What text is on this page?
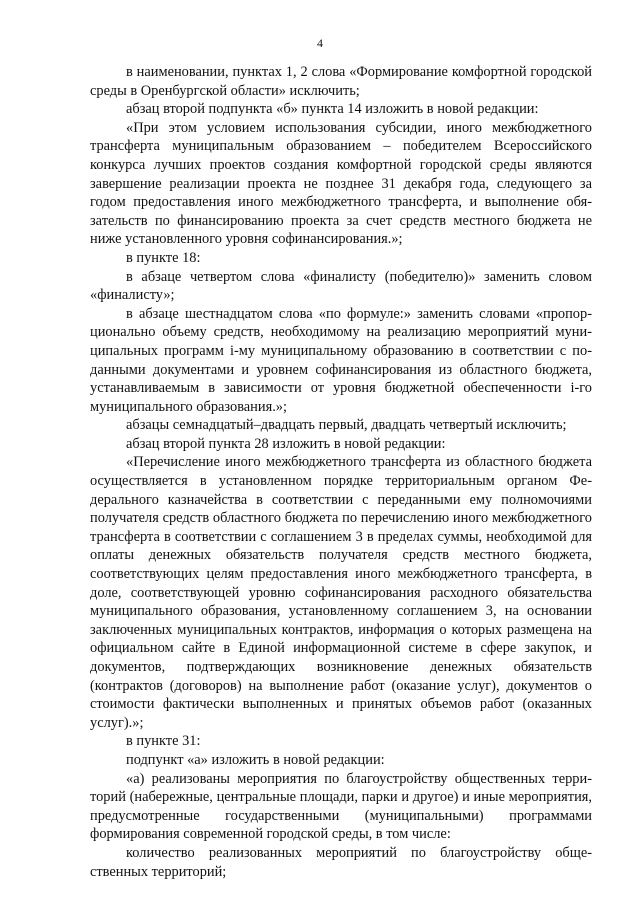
4

в наименовании, пунктах 1, 2 слова «Формирование комфортной городской среды в Оренбургской области» исключить;

абзац второй подпункта «б» пункта 14 изложить в новой редакции:

«При этом условием использования субсидии, иного межбюджетного трансферта муниципальным образованием – победителем Всероссийского конкурса лучших проектов создания комфортной городской среды являются завершение реализации проекта не позднее 31 декабря года, следующего за годом предоставления иного межбюджетного трансферта, и выполнение обязательств по финансированию проекта за счет средств местного бюджета не ниже установленного уровня софинансирования.»;

в пункте 18:

в абзаце четвертом слова «финалисту (победителю)» заменить словом «финалисту»;

в абзаце шестнадцатом слова «по формуле:» заменить словами «пропорционально объему средств, необходимому на реализацию мероприятий муниципальных программ i-му муниципальному образованию в соответствии с поданными документами и уровнем софинансирования из областного бюджета, устанавливаемым в зависимости от уровня бюджетной обеспеченности i-го муниципального образования.»;

абзацы семнадцатый–двадцать первый, двадцать четвертый исключить;

абзац второй пункта 28 изложить в новой редакции:

«Перечисление иного межбюджетного трансферта из областного бюджета осуществляется в установленном порядке территориальным органом Федерального казначейства в соответствии с переданными ему полномочиями получателя средств областного бюджета по перечислению иного межбюджетного трансферта в соответствии с соглашением 3 в пределах суммы, необходимой для оплаты денежных обязательств получателя средств местного бюджета, соответствующих целям предоставления иного межбюджетного трансферта, в доле, соответствующей уровню софинансирования расходного обязательства муниципального образования, установленному соглашением 3, на основании заключенных муниципальных контрактов, информация о которых размещена на официальном сайте в Единой информационной системе в сфере закупок, и документов, подтверждающих возникновение денежных обязательств (контрактов (договоров) на выполнение работ (оказание услуг), документов о стоимости фактически выполненных и принятых объемов работ (оказанных услуг).»;

в пункте 31:

подпункт «а» изложить в новой редакции:

«а) реализованы мероприятия по благоустройству общественных территорий (набережные, центральные площади, парки и другое) и иные мероприятия, предусмотренные государственными (муниципальными) программами формирования современной городской среды, в том числе:

количество реализованных мероприятий по благоустройству общественных территорий;
